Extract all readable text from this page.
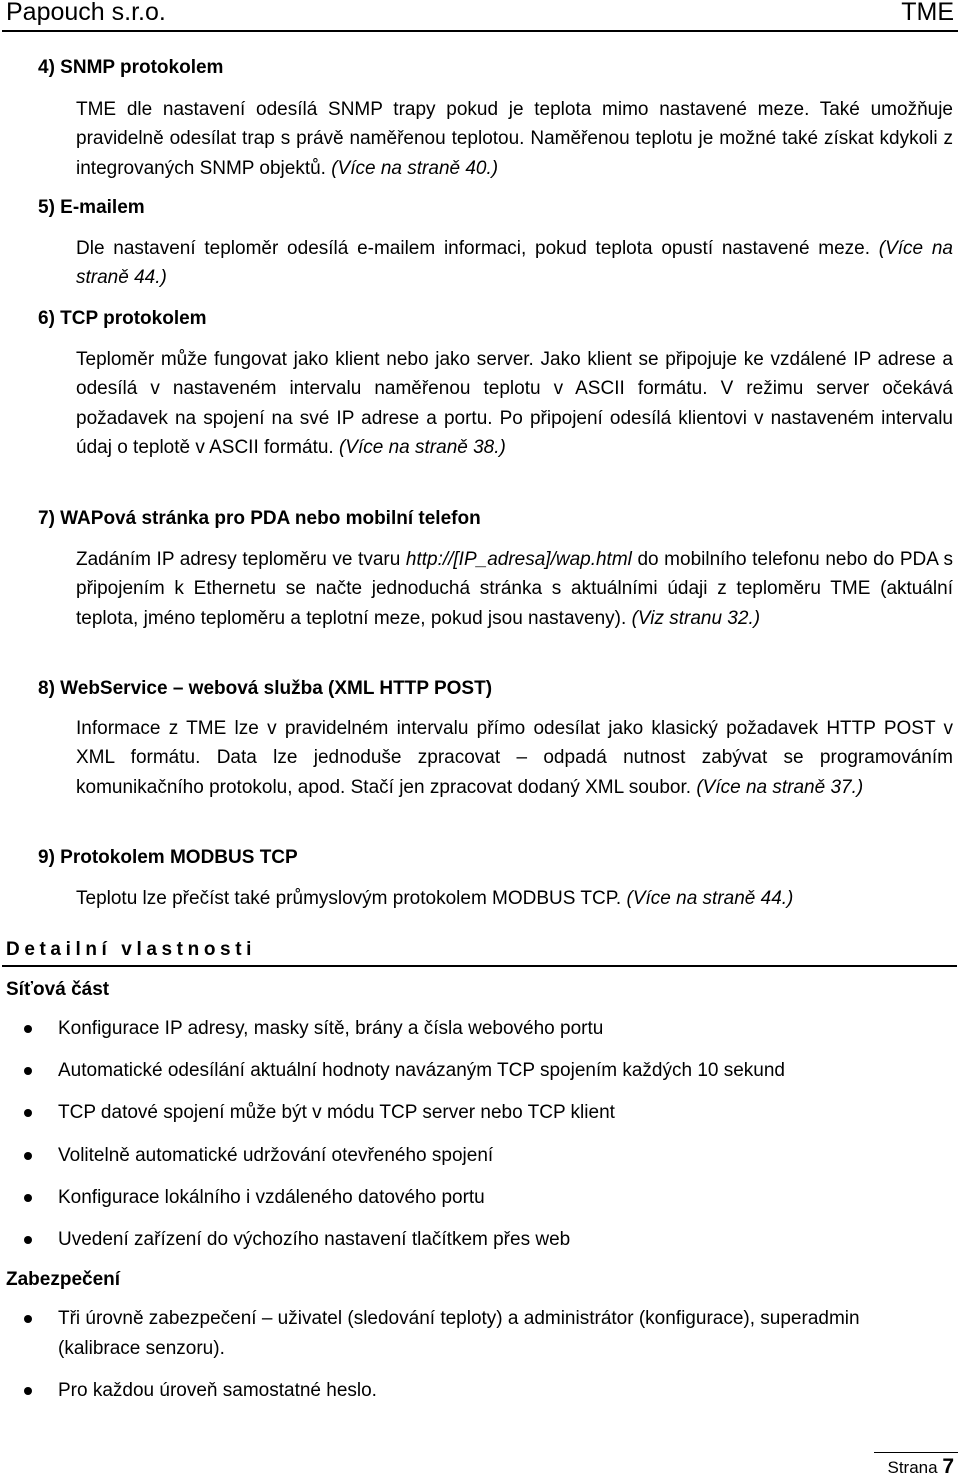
Papouch s.r.o.	TME
4) SNMP protokolem
TME dle nastavení odesílá SNMP trapy pokud je teplota mimo nastavené meze. Také umožňuje pravidelně odesílat trap s právě naměřenou teplotou. Naměřenou teplotu je možné také získat kdykoli z integrovaných SNMP objektů. (Více na straně 40.)
5) E-mailem
Dle nastavení teploměr odesílá e-mailem informaci, pokud teplota opustí nastavené meze. (Více na straně 44.)
6) TCP protokolem
Teploměr může fungovat jako klient nebo jako server. Jako klient se připojuje ke vzdálené IP adrese a odesílá v nastaveném intervalu naměřenou teplotu v ASCII formátu. V režimu server očekává požadavek na spojení na své IP adrese a portu. Po připojení odesílá klientovi v nastaveném intervalu údaj o teplotě v ASCII formátu. (Více na straně 38.)
7) WAPová stránka pro PDA nebo mobilní telefon
Zadáním IP adresy teploměru ve tvaru http://[IP_adresa]/wap.html do mobilního telefonu nebo do PDA s připojením k Ethernetu se načte jednoduchá stránka s aktuálními údaji z teploměru TME (aktuální teplota, jméno teploměru a teplotní meze, pokud jsou nastaveny). (Viz stranu 32.)
8) WebService – webová služba (XML HTTP POST)
Informace z TME lze v pravidelném intervalu přímo odesílat jako klasický požadavek HTTP POST v XML formátu. Data lze jednoduše zpracovat – odpadá nutnost zabývat se programováním komunikačního protokolu, apod. Stačí jen zpracovat dodaný XML soubor. (Více na straně 37.)
9) Protokolem MODBUS TCP
Teplotu lze přečíst také průmyslovým protokolem MODBUS TCP. (Více na straně 44.)
Detailní vlastnosti
Síťová část
Konfigurace IP adresy, masky sítě, brány a čísla webového portu
Automatické odesílání aktuální hodnoty navázaným TCP spojením každých 10 sekund
TCP datové spojení může být v módu TCP server nebo TCP klient
Volitelně automatické udržování otevřeného spojení
Konfigurace lokálního i vzdáleného datového portu
Uvedení zařízení do výchozího nastavení tlačítkem přes web
Zabezpečení
Tři úrovně zabezpečení – uživatel (sledování teploty) a administrátor (konfigurace), superadmin (kalibrace senzoru).
Pro každou úroveň samostatné heslo.
Strana 7
